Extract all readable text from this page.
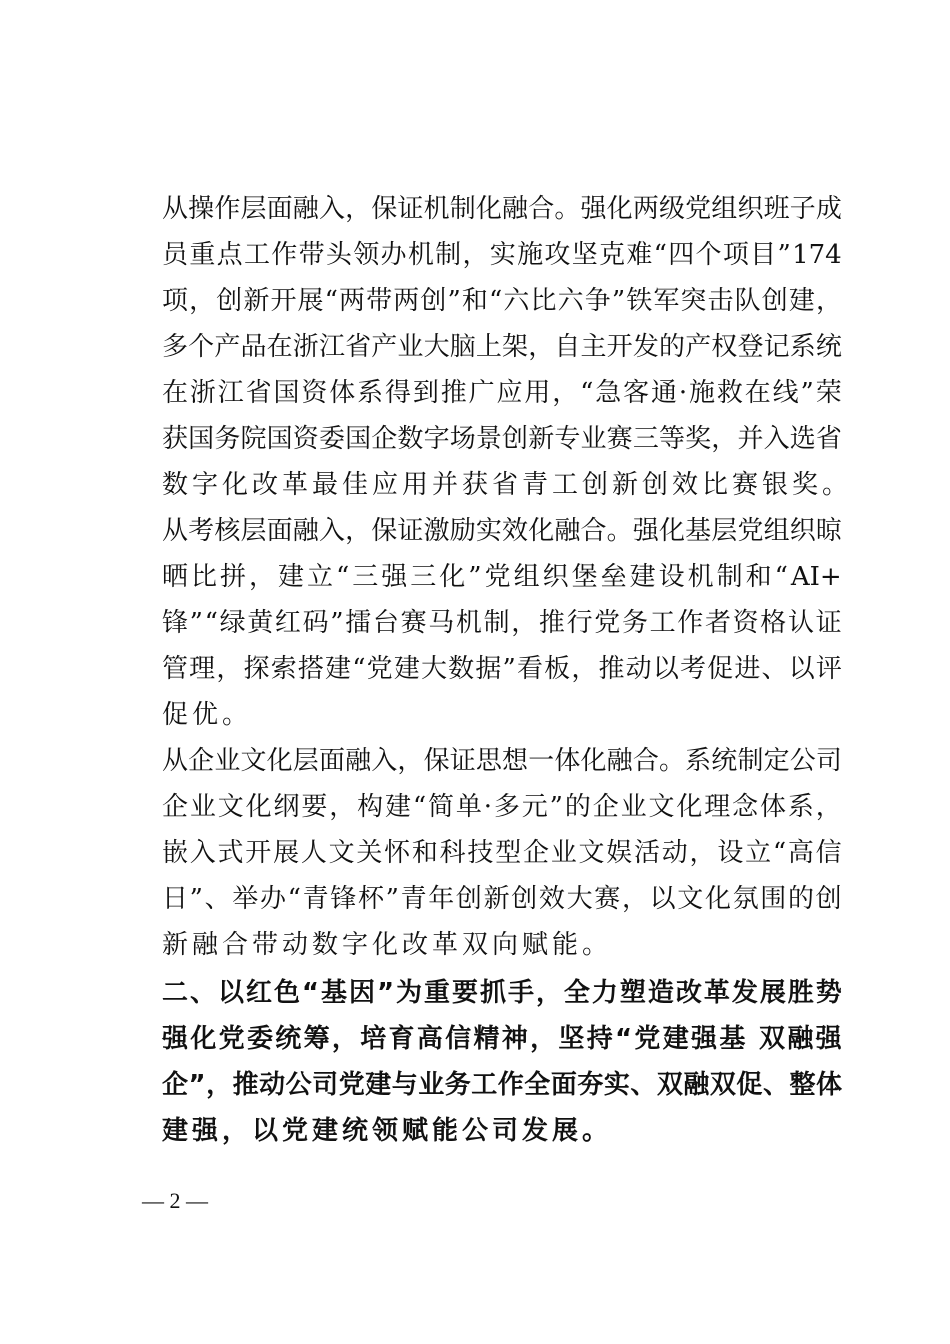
从 操 作 层 面 融 入 ， 保 证 机 制 化 融 合 。 强 化 两 级 党 组 织 班 子 成
员 重 点 工 作 带 头 领 办 机 制 ， 实 施 攻 坚 克 难 “ 四 个 项 目 ” 174
项 ， 创 新 开 展 “ 两 带 两 创 ” 和 “ 六 比 六 争 ” 铁 军 突 击 队 创 建 ，
多 个 产 品 在 浙 江 省 产 业 大 脑 上 架 ， 自 主 开 发 的 产 权 登 记 系 统
在 浙 江 省 国 资 体 系 得 到 推 广 应 用 ， “ 急 客 通 · 施 救 在 线 ” 荣
获 国 务 院 国 资 委 国 企 数 字 场 景 创 新 专 业 赛 三 等 奖 ， 并 入 选 省
数字化改革最佳应用并获省青工创新创效比赛银奖。
从 考 核 层 面 融 入 ， 保 证 激 励 实 效 化 融 合 。 强 化 基 层 党 组 织 晾
晒 比 拼 ， 建 立 “ 三 强 三 化 ” 党 组 织 堡 垒 建 设 机 制 和 “ AI+
锋 ” “ 绿 黄 红 码 ” 擂 台 赛 马 机 制 ， 推 行 党 务 工 作 者 资 格 认 证
管 理 ， 探 索 搭 建 “ 党 建 大 数 据 ” 看 板 ， 推 动 以 考 促 进 、 以 评
促优。
从 企 业 文 化 层 面 融 入 ， 保 证 思 想 一 体 化 融 合 。 系 统 制 定 公 司
企 业 文 化 纲 要 ， 构 建 “ 简 单 · 多 元 ” 的 企 业 文 化 理 念 体 系 ，
嵌 入 式 开 展 人 文 关 怀 和 科 技 型 企 业 文 娱 活 动 ， 设 立 “ 高 信
日 ” 、 举 办 “ 青 锋 杯 ” 青 年 创 新 创 效 大 赛 ， 以 文 化 氛 围 的 创
新融合带动数字化改革双向赋能。
二 、 以 红 色 “ 基 因 ” 为 重 要 抓 手 ， 全 力 塑 造 改 革 发 展 胜 势
强 化 党 委 统 筹 ， 培 育 高 信 精 神 ， 坚 持 “ 党 建 强 基
双 融 强
企 ” ， 推 动 公 司 党 建 与 业 务 工 作 全 面 夯 实 、 双 融 双 促 、 整 体
建强，以党建统领赋能公司发展。
— 2 —
